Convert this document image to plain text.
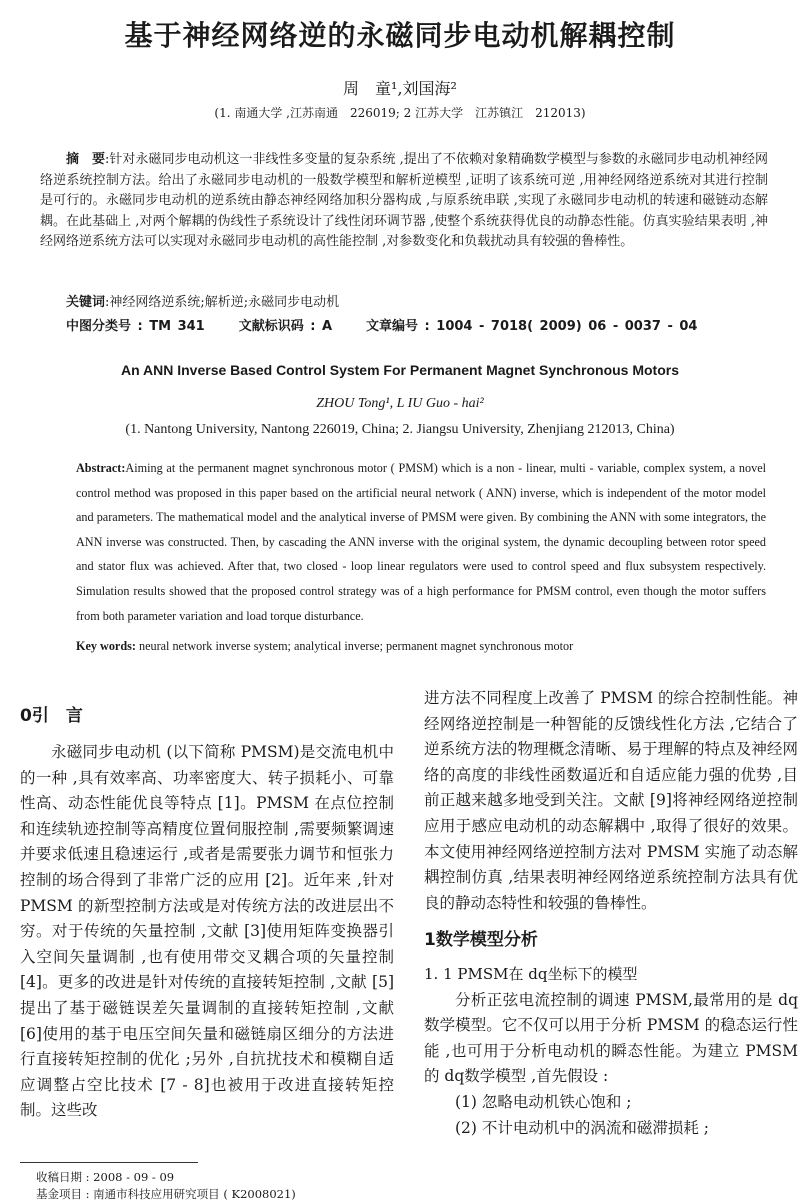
基于神经网络逆的永磁同步电动机解耦控制
周　童¹,刘国海²
(1. 南通大学 ,江苏南通　226019; 2 江苏大学　江苏镇江　212013)
摘　要:针对永磁同步电动机这一非线性多变量的复杂系统 ,提出了不依赖对象精确数学模型与参数的永磁同步电动机神经网络逆系统控制方法。给出了永磁同步电动机的一般数学模型和解析逆模型 ,证明了该系统可逆 ,用神经网络逆系统对其进行控制是可行的。永磁同步电动机的逆系统由静态神经网络加积分器构成 ,与原系统串联 ,实现了永磁同步电动机的转速和磁链动态解耦。在此基础上 ,对两个解耦的伪线性子系统设计了线性闭环调节器 ,使整个系统获得优良的动静态性能。仿真实验结果表明 ,神经网络逆系统方法可以实现对永磁同步电动机的高性能控制 ,对参数变化和负载扰动具有较强的鲁棒性。
关键词:神经网络逆系统;解析逆;永磁同步电动机
中图分类号 : TM 341	文献标识码 : A	文章编号 : 1004 - 7018( 2009) 06 - 0037 - 04
An ANN Inverse Based Control System For Permanent Magnet Synchronous Motors
ZHOU Tong¹, L IU Guo - hai²
(1. Nantong University, Nantong 226019, China; 2. Jiangsu University, Zhenjiang 212013, China)
Abstract:Aiming at the permanent magnet synchronous motor ( PMSM) which is a non - linear, multi - variable, complex system, a novel control method was proposed in this paper based on the artificial neural network ( ANN) inverse, which is independent of the motor model and parameters. The mathematical model and the analytical inverse of PMSM were given. By combining the ANN with some integrators, the ANN inverse was constructed. Then, by cascading the ANN inverse with the original system, the dynamic decoupling between rotor speed and stator flux was achieved. After that, two closed - loop linear regulators were used to control speed and flux subsystem respectively. Simulation results showed that the proposed control strategy was of a high performance for PMSM control, even though the motor suffers from both parameter variation and load torque disturbance.
Key words: neural network inverse system; analytical inverse; permanent magnet synchronous motor
0引　言

永磁同步电动机 (以下简称 PMSM)是交流电机中的一种 ,具有效率高、功率密度大、转子损耗小、可靠性高、动态性能优良等特点 [1]。PMSM 在点位控制和连续轨迹控制等高精度位置伺服控制 ,需要频繁调速并要求低速且稳速运行 ,或者是需要张力调节和恒张力控制的场合得到了非常广泛的应用 [2]。近年来 ,针对 PMSM 的新型控制方法或是对传统方法的改进层出不穷。对于传统的矢量控制 ,文献 [3]使用矩阵变换器引入空间矢量调制 ,也有使用带交叉耦合项的矢量控制 [4]。更多的改进是针对传统的直接转矩控制 ,文献 [5]提出了基于磁链误差矢量调制的直接转矩控制 ,文献 [6]使用的基于电压空间矢量和磁链扇区细分的方法进行直接转矩控制的优化 ;另外 ,自抗扰技术和模糊自适应调整占空比技术 [7 - 8]也被用于改进直接转矩控制。这些改

进方法不同程度上改善了 PMSM 的综合控制性能。神经网络逆控制是一种智能的反馈线性化方法 ,它结合了逆系统方法的物理概念清晰、易于理解的特点及神经网络的高度的非线性函数逼近和自适应能力强的优势 ,目前正越来越多地受到关注。文献 [9]将神经网络逆控制应用于感应电动机的动态解耦中 ,取得了很好的效果。本文使用神经网络逆控制方法对 PMSM 实施了动态解耦控制仿真 ,结果表明神经网络逆系统控制方法具有优良的静动态特性和较强的鲁棒性。

1数学模型分析
1. 1 PMSM在 dq坐标下的模型

分析正弦电流控制的调速 PMSM,最常用的是 dq数学模型。它不仅可以用于分析 PMSM 的稳态运行性能 ,也可用于分析电动机的瞬态性能。为建立 PMSM 的 dq数学模型 ,首先假设 :

(1) 忽略电动机铁心饱和 ;
(2) 不计电动机中的涡流和磁滞损耗 ;
收稿日期 : 2008 - 09 - 09
基金项目 : 南通市科技应用研究项目 ( K2008021)
